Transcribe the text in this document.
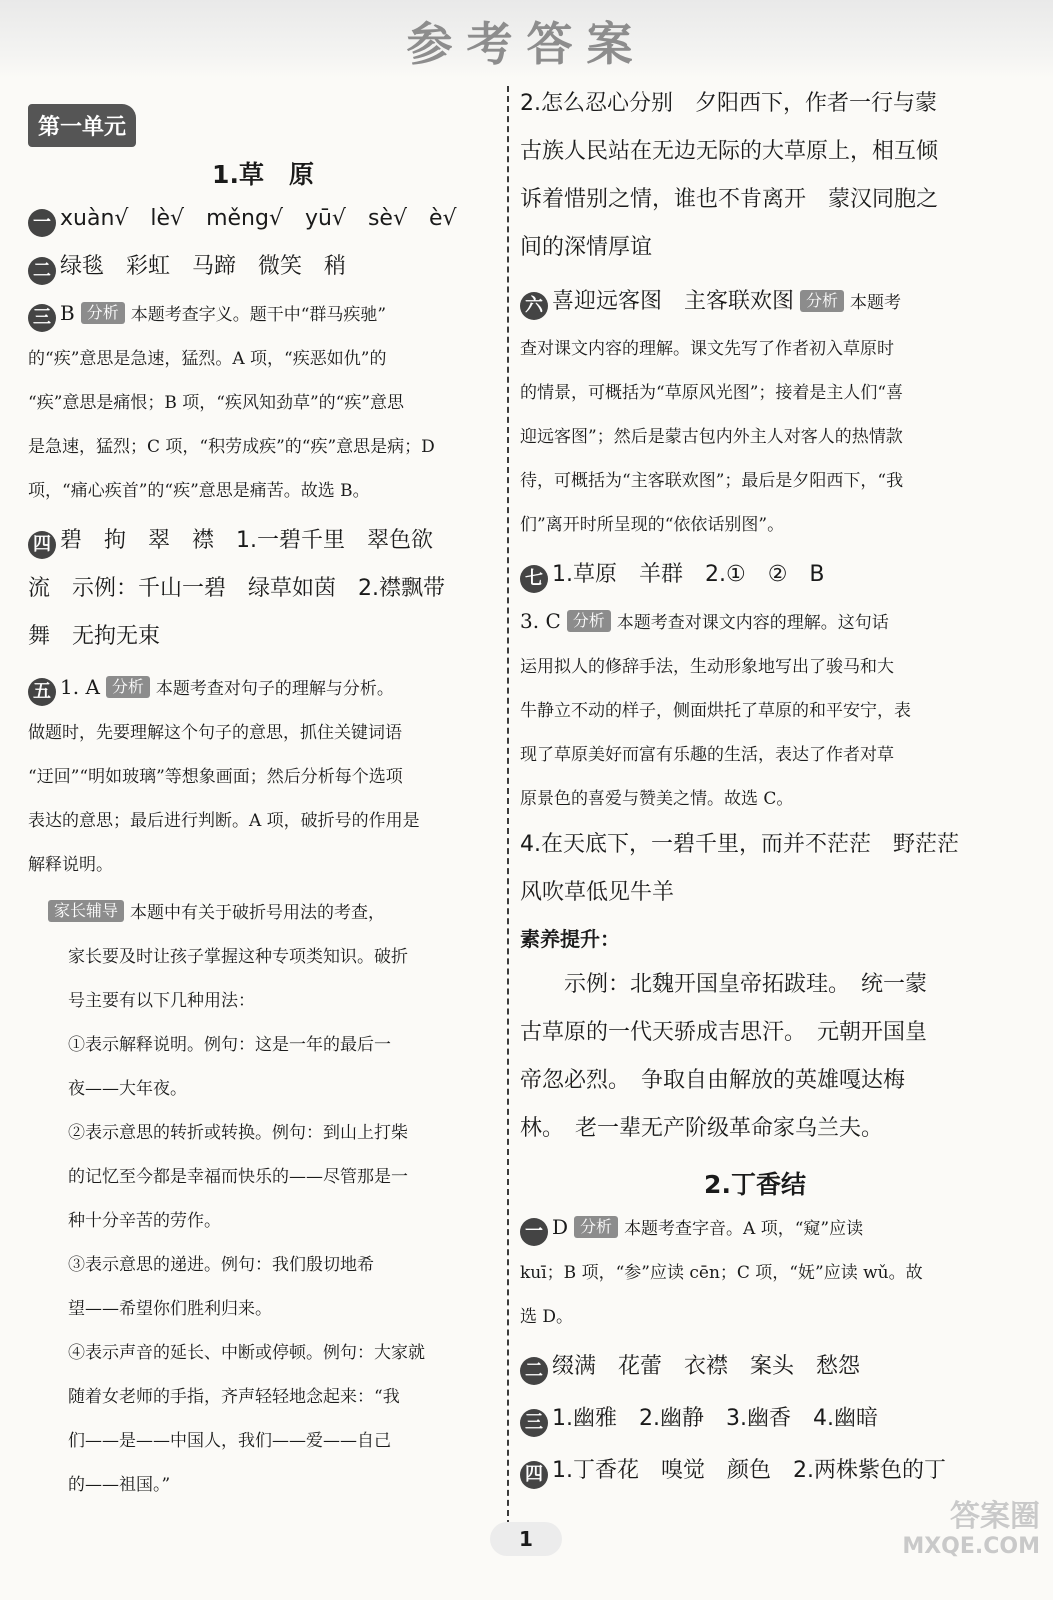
参考答案
第一单元
1.草　原
一 xuàn√　lè√　měng√　yū√　sè√　è√
二 绿毯　彩虹　马蹄　微笑　稍
三 B 分析 本题考查字义。题干中“群马疾驰”
的“疾”意思是急速，猛烈。A 项，“疾恶如仇”的
“疾”意思是痛恨；B 项，“疾风知劲草”的“疾”意思
是急速，猛烈；C 项，“积劳成疾”的“疾”意思是病；D
项，“痛心疾首”的“疾”意思是痛苦。故选 B。
四 碧　拘　翠　襟　1.一碧千里　翠色欲
流　示例：千山一碧　绿草如茵　2.襟飘带
舞　无拘无束
五 1. A 分析 本题考查对句子的理解与分析。
做题时，先要理解这个句子的意思，抓住关键词语
“迂回”“明如玻璃”等想象画面；然后分析每个选项
表达的意思；最后进行判断。A 项，破折号的作用是
解释说明。
家长辅导 本题中有关于破折号用法的考查，
家长要及时让孩子掌握这种专项类知识。破折
号主要有以下几种用法：
①表示解释说明。例句：这是一年的最后一
夜——大年夜。
②表示意思的转折或转换。例句：到山上打柴
的记忆至今都是幸福而快乐的——尽管那是一
种十分辛苦的劳作。
③表示意思的递进。例句：我们殷切地希
望——希望你们胜利归来。
④表示声音的延长、中断或停顿。例句：大家就
随着女老师的手指，齐声轻轻地念起来：“我
们——是——中国人，我们——爱——自己
的——祖国。”
2.怎么忍心分别　夕阳西下，作者一行与蒙
古族人民站在无边无际的大草原上，相互倾
诉着惜别之情，谁也不肯离开　蒙汉同胞之
间的深情厚谊
六 喜迎远客图　主客联欢图 分析 本题考
查对课文内容的理解。课文先写了作者初入草原时
的情景，可概括为“草原风光图”；接着是主人们“喜
迎远客图”；然后是蒙古包内外主人对客人的热情款
待，可概括为“主客联欢图”；最后是夕阳西下，“我
们”离开时所呈现的“依依话别图”。
七 1.草原　羊群　2.①　②　B
3. C 分析 本题考查对课文内容的理解。这句话
运用拟人的修辞手法，生动形象地写出了骏马和大
牛静立不动的样子，侧面烘托了草原的和平安宁，表
现了草原美好而富有乐趣的生活，表达了作者对草
原景色的喜爱与赞美之情。故选 C。
4.在天底下，一碧千里，而并不茫茫　野茫茫
风吹草低见牛羊
素养提升：
示例：北魏开国皇帝拓跋珪。　统一蒙
古草原的一代天骄成吉思汗。　元朝开国皇
帝忽必烈。　争取自由解放的英雄嘎达梅
林。　老一辈无产阶级革命家乌兰夫。
2.丁香结
一 D 分析 本题考查字音。A 项，“窥”应读
kuī；B 项，“参”应读 cēn；C 项，“妩”应读 wǔ。故
选 D。
二 缀满　花蕾　衣襟　案头　愁怨
三 1.幽雅　2.幽静　3.幽香　4.幽暗
四 1.丁香花　嗅觉　颜色　2.两株紫色的丁
1
答案圈
MXQE.COM
